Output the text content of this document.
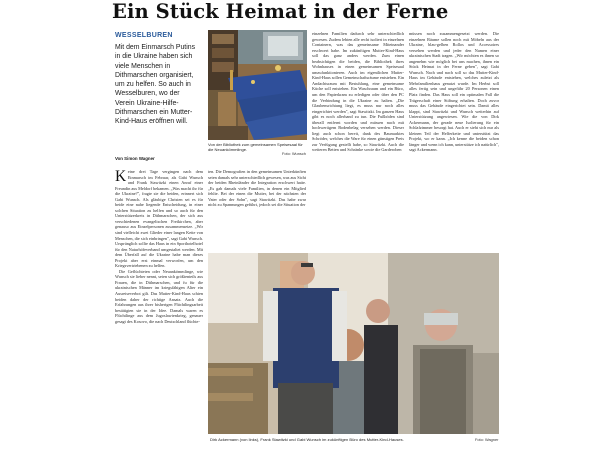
Ein Stück Heimat in der Ferne
WESSELBUREN
Mit dem Einmarsch Putins in die Ukraine haben sich viele Menschen in Dithmarschen organisiert, um zu helfen. So auch in Wesselburen, wo der Verein Ukraine-Hilfe-Dithmarschen ein Mutter-Kind-Haus eröffnen will.
Von Simon Wagner

Keine drei Tage vergingen nach dem Einmarsch im Februar, als Gabi Wunsch und Frank Stawitzki einen Anruf einer Freundin aus Meldorf bekamen. „Was macht ihr für die Ukraine?", fragte sie die beiden, erinnert sich Gabi Wunsch. Als gläubige Christen sei es für beide eine nahe liegende Entscheidung, in einer solchen Situation zu helfen und so auch für den Unterstützerkreis in Dithmarschen, der sich aus verschiedenen evangelischen Freikirchen, aber genauso aus Einzelpersonen zusammensetze. „Wir sind vielleicht zwei Glieder einer langen Kette von Menschen, die sich einbringen", sagt Gabi Wunsch. Ursprünglich sollte das Haus in ein Sporthotelhotel für den Naturhöfeverband umgestaltet werden. Mit dem Überfall auf die Ukraine habe man dieses Projekt aber erst einmal verworfen, um den Kriegsvertriebenen zu helfen.

Die Geflüchteten oder Neuankömmlinge, wie Wunsch sie lieber nennt, seien sich größtenteils aus Frauen, die in Dithmarschen, und fu für die ukrainischen Männer im kriegsfähigen Alter ein Ausreiseverbot gilt. Das Mutter-Kind-Haus schien beiden daher der richtige Ansatz. Auch die Erfahrungen aus ihrer bisherigen Flüchtlingsarbeit bestätigten sie in der Idee. Damals waren es Flüchtlinge aus dem Jugoslawienkrieg, genauer gesagt des Kosovo, die nach Deutschland flüchte-

Von der Bibliothek zum gemeinsamen Speisesaal für die Neuankömmlinge.
Foto: Wunsch

ten. Die Demografien in den gemeinsamen Unterkünften seien damals sehr unterschiedlich gewesen, was aus Sicht der beiden Rheinländer die Integration erschwert hatte. „Es gab damals viele Familien, in denen ein Mitglied fehlte. Bei der einen die Mutter, bei der nächsten der Vater oder der Sohn", sagt Stawitzki. Das habe zwar nicht zu Spannungen geführt, jedoch sei die Situation der

einzelnen Familien dadurch sehr unterschiedlich gewesen. Zudem lebten alle recht isoliert in einzelnen Containern, was das gemeinsame Miteinander erschwert habe. Im zukünftigen Mutter-Kind-Haus soll das ganz anders werden. Zum einen beabsichtigen die beiden, die Bibliothek ihres Wohnhauses in einen gemeinsamen Speisesaal umzufunktionieren. Auch im eigentlichen Mutter-Kind-Haus sollen Gemeinschaftsräume entstehen. Ein Andachtsraum mit Bestuhlung, eine gemeinsame Küche soll entstehen. Ein Waschraum und ein Büro, um den Papierkram zu erledigen oder über den PC die Verbindung in die Ukraine zu halten. „Die Glaubensrichtung liegt, es muss nur noch alles eingerichtet werden", sagt Stawitzki. Im ganzen Haus gibt es noch allerhand zu tun. Die Fußböden sind überall entfernt worden und müssen nach mit hochwertigem Bodenbelag versehen werden. Dieser liegt auch schon bereit, dank des Baumarktes Schröder, welches die Ware für einen günstigen Preis zur Verfügung gestellt habe, so Stawitzki. Auch die weiteren Betten und Schränke sowie die Garderoben

müssen noch zusammengesetzt werden. Die einzelnen Räume sollen noch mit Möbeln aus der Ukraine, blau-gelben Rollos und Accessoires versehen werden und jeder den Namen einer ukrainischen Stadt tragen. „Wir möchten es ihnen so angenehm wie möglich bei uns machen, ihnen ein Stück Heimat in der Ferne geben", sagt Gabi Wunsch. Nach und nach soll so das Mutter-Kind-Haus im Gebäude entstehen, welches zuletzt als Mehrfamilienhaus genutzt wurde. Im Herbst soll alles fertig sein und ungefähr 20 Personen einen Platz finden. Das Haus soll ein optimalen Fall die Trägerschaft einer Stiftung erhalten. Doch zuvor muss das Gebäude eingerichtet sein. Damit alles klappt, sind Stawitzki und Wunsch weiterhin auf Unterstützung angewiesen. Wie die von Dirk Ackermann, der gerade neue Isolierung für ein Schlafzimmer besorgt hat. Auch er sieht sich nur als kleinen Teil der Helferkette und unterstützt das Projekt, wo er kann. „Ich kenne die beiden schon länger und wenn ich kann, unterstütze ich natürlich", sagt Ackermann.

Dirk Ackermann (von links), Frank Stawitzki und Gabi Wunsch im zukünftigen Büro des Mutter-Kind-Hauses.	Foto: Wagner
